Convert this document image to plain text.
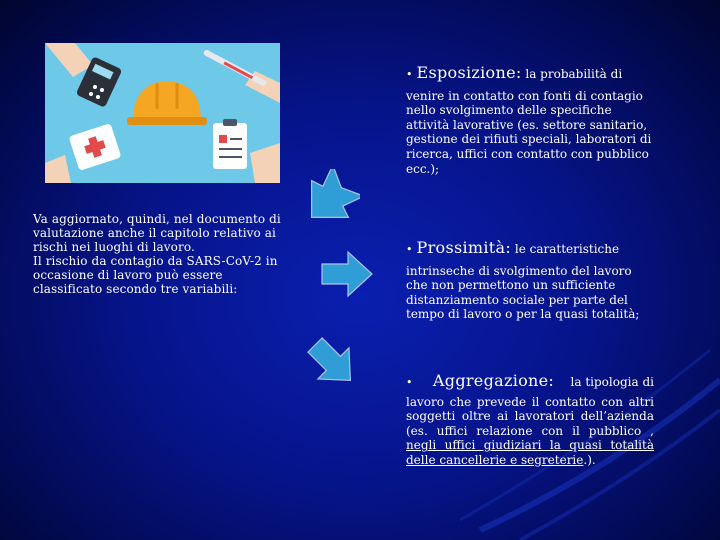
Va aggiornato, quindi, nel documento di valutazione anche il capitolo relativo ai rischi nei luoghi di lavoro.
Il rischio da contagio da SARS-CoV-2 in occasione di lavoro può essere classificato secondo tre variabili:
• Esposizione: la probabilità di
venire in contatto con fonti di contagio nello svolgimento delle specifiche attività lavorative (es. settore sanitario, gestione dei rifiuti speciali, laboratori di ricerca, uffici con contatto con pubblico ecc.);
• Prossimità: le caratteristiche
intrinseche di svolgimento del lavoro che non permettono un sufficiente distanziamento sociale per parte del tempo di lavoro o per la quasi totalità;
• Aggregazione: la tipologia di
lavoro che prevede il contatto con altri soggetti oltre ai lavoratori dell’azienda (es. uffici relazione con il pubblico , negli uffici giudiziari la quasi totalità delle cancellerie e segreterie.).
